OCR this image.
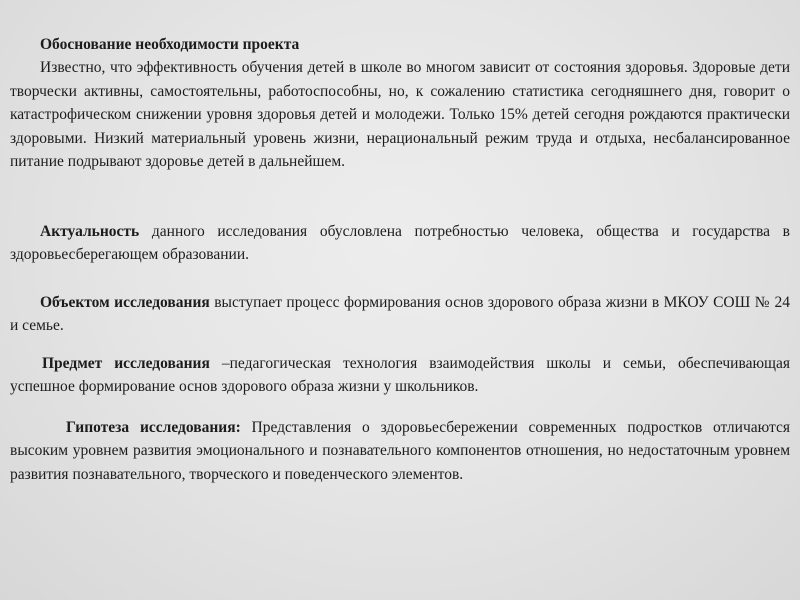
Обоснование необходимости проекта
Известно, что эффективность обучения детей в школе во многом зависит от состояния здоровья. Здоровые дети творчески активны, самостоятельны, работоспособны, но, к сожалению статистика сегодняшнего дня, говорит о катастрофическом снижении уровня здоровья детей и молодежи. Только 15% детей сегодня рождаются практически здоровыми. Низкий материальный уровень жизни, нерациональный режим труда и отдыха, несбалансированное питание подрывают здоровье детей в дальнейшем.

Актуальность данного исследования обусловлена потребностью человека, общества и государства в здоровьесберегающем образовании.

Объектом исследования выступает процесс формирования основ здорового образа жизни в МКОУ СОШ № 24 и семье.

Предмет исследования –педагогическая технология взаимодействия школы и семьи, обеспечивающая успешное формирование основ здорового образа жизни у школьников.

Гипотеза исследования: Представления о здоровьесбережении современных подростков отличаются высоким уровнем развития эмоционального и познавательного компонентов отношения, но недостаточным уровнем развития познавательного, творческого и поведенческого элементов.
